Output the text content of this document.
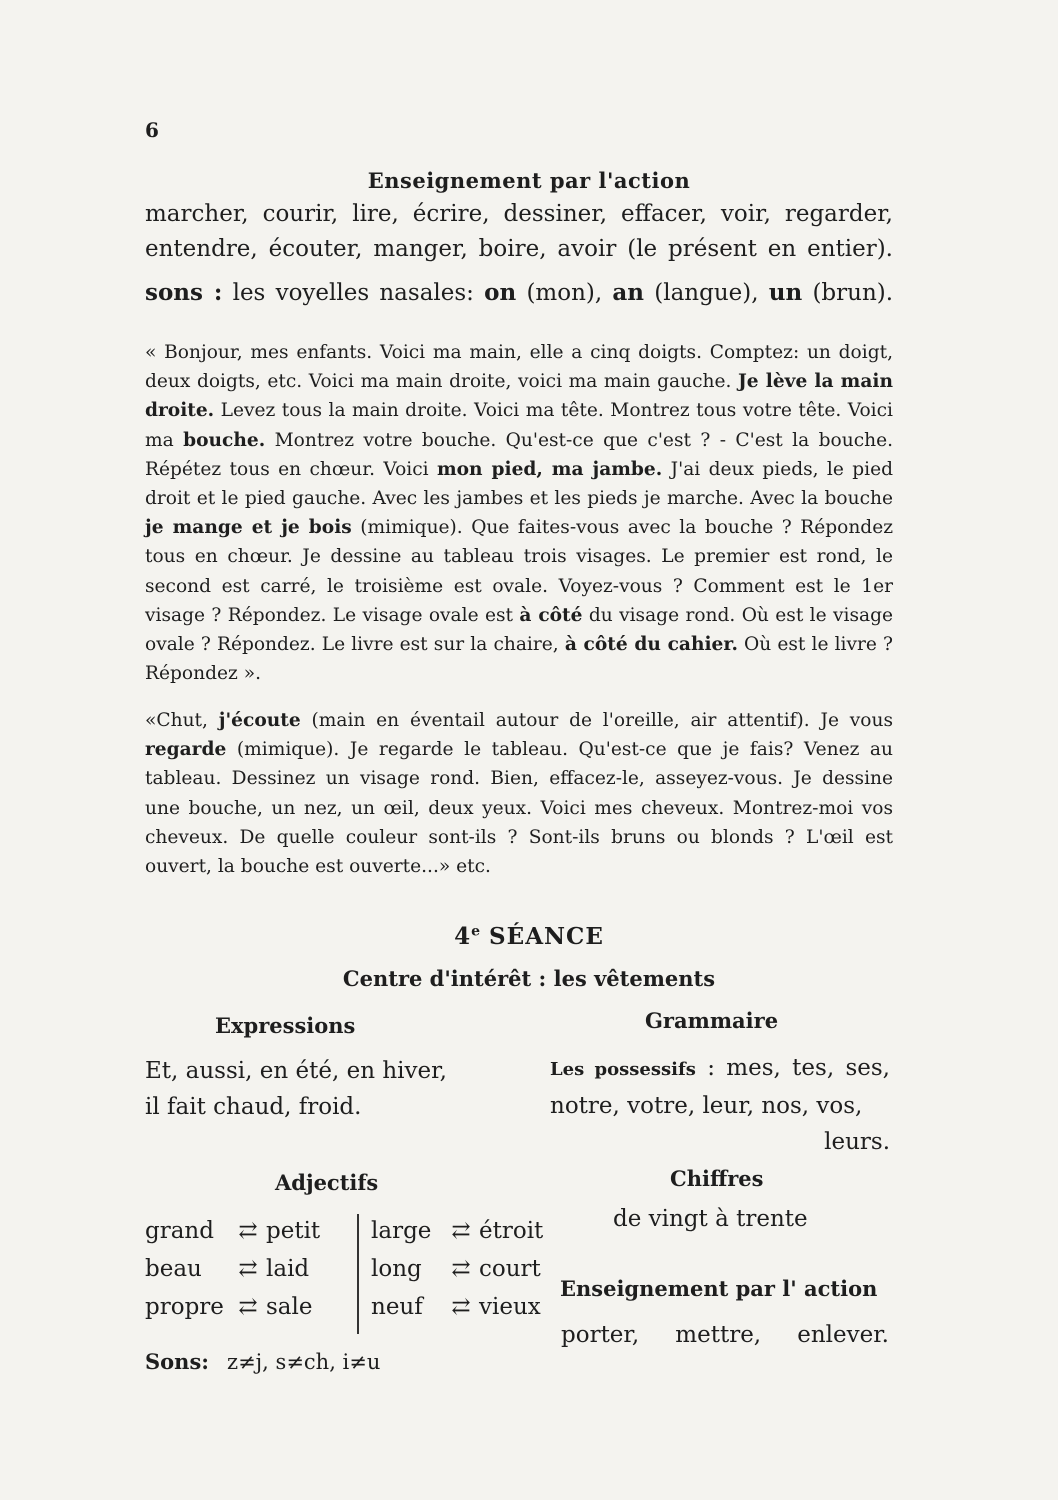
6
Enseignement par l'action
marcher, courir, lire, écrire, dessiner, effacer, voir, regarder,
entendre, écouter, manger, boire, avoir (le présent en entier).
sons : les voyelles nasales: on (mon), an (langue), un (brun).
« Bonjour, mes enfants. Voici ma main, elle a cinq doigts. Comptez: un doigt, deux doigts, etc. Voici ma main droite, voici ma main gauche. Je lève la main droite. Levez tous la main droite. Voici ma tête. Montrez tous votre tête. Voici ma bouche. Montrez votre bouche. Qu'est-ce que c'est ? - C'est la bouche. Répétez tous en chœur. Voici mon pied, ma jambe. J'ai deux pieds, le pied droit et le pied gauche. Avec les jambes et les pieds je marche. Avec la bouche je mange et je bois (mimique). Que faites-vous avec la bouche ? Répondez tous en chœur. Je dessine au tableau trois visages. Le premier est rond, le second est carré, le troisième est ovale. Voyez-vous ? Comment est le 1er visage ? Répondez. Le visage ovale est à côté du visage rond. Où est le visage ovale ? Répondez. Le livre est sur la chaire, à côté du cahier. Où est le livre ? Répondez ».
«Chut, j'écoute (main en éventail autour de l'oreille, air attentif). Je vous regarde (mimique). Je regarde le tableau. Qu'est-ce que je fais? Venez au tableau. Dessinez un visage rond. Bien, effacez-le, asseyez-vous. Je dessine une bouche, un nez, un œil, deux yeux. Voici mes cheveux. Montrez-moi vos cheveux. De quelle couleur sont-ils ? Sont-ils bruns ou blonds ? L'œil est ouvert, la bouche est ouverte...» etc.
4e SÉANCE
Centre d'intérêt : les vêtements
Expressions
Et, aussi, en été, en hiver,
il fait chaud, froid.
Grammaire
Les possessifs : mes, tes, ses, notre, votre, leur, nos, vos,
leurs.
Adjectifs
grand	⇄ petit	large ⇄ étroit
beau	⇄ laid	long	⇄ court
propre ⇄ sale	neuf	⇄ vieux
Chiffres
de vingt à trente
Enseignement par l' action
porter, mettre, enlever.
Sons: z≠j, s≠ch, i≠u
